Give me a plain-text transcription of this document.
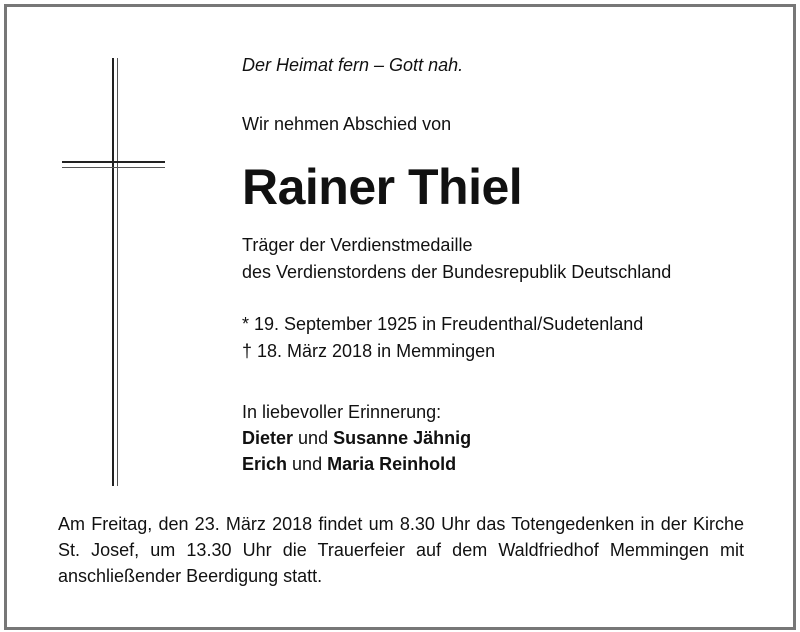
Der Heimat fern – Gott nah.
Wir nehmen Abschied von
Rainer Thiel
Träger der Verdienstmedaille
des Verdienstordens der Bundesrepublik Deutschland
* 19. September 1925 in Freudenthal/Sudetenland
† 18. März 2018 in Memmingen
In liebevoller Erinnerung:
Dieter und Susanne Jähnig
Erich und Maria Reinhold
Am Freitag, den 23. März 2018 findet um 8.30 Uhr das Totengedenken in der Kirche St. Josef, um 13.30 Uhr die Trauerfeier auf dem Waldfriedhof Memmingen mit anschließender Beerdigung statt.
